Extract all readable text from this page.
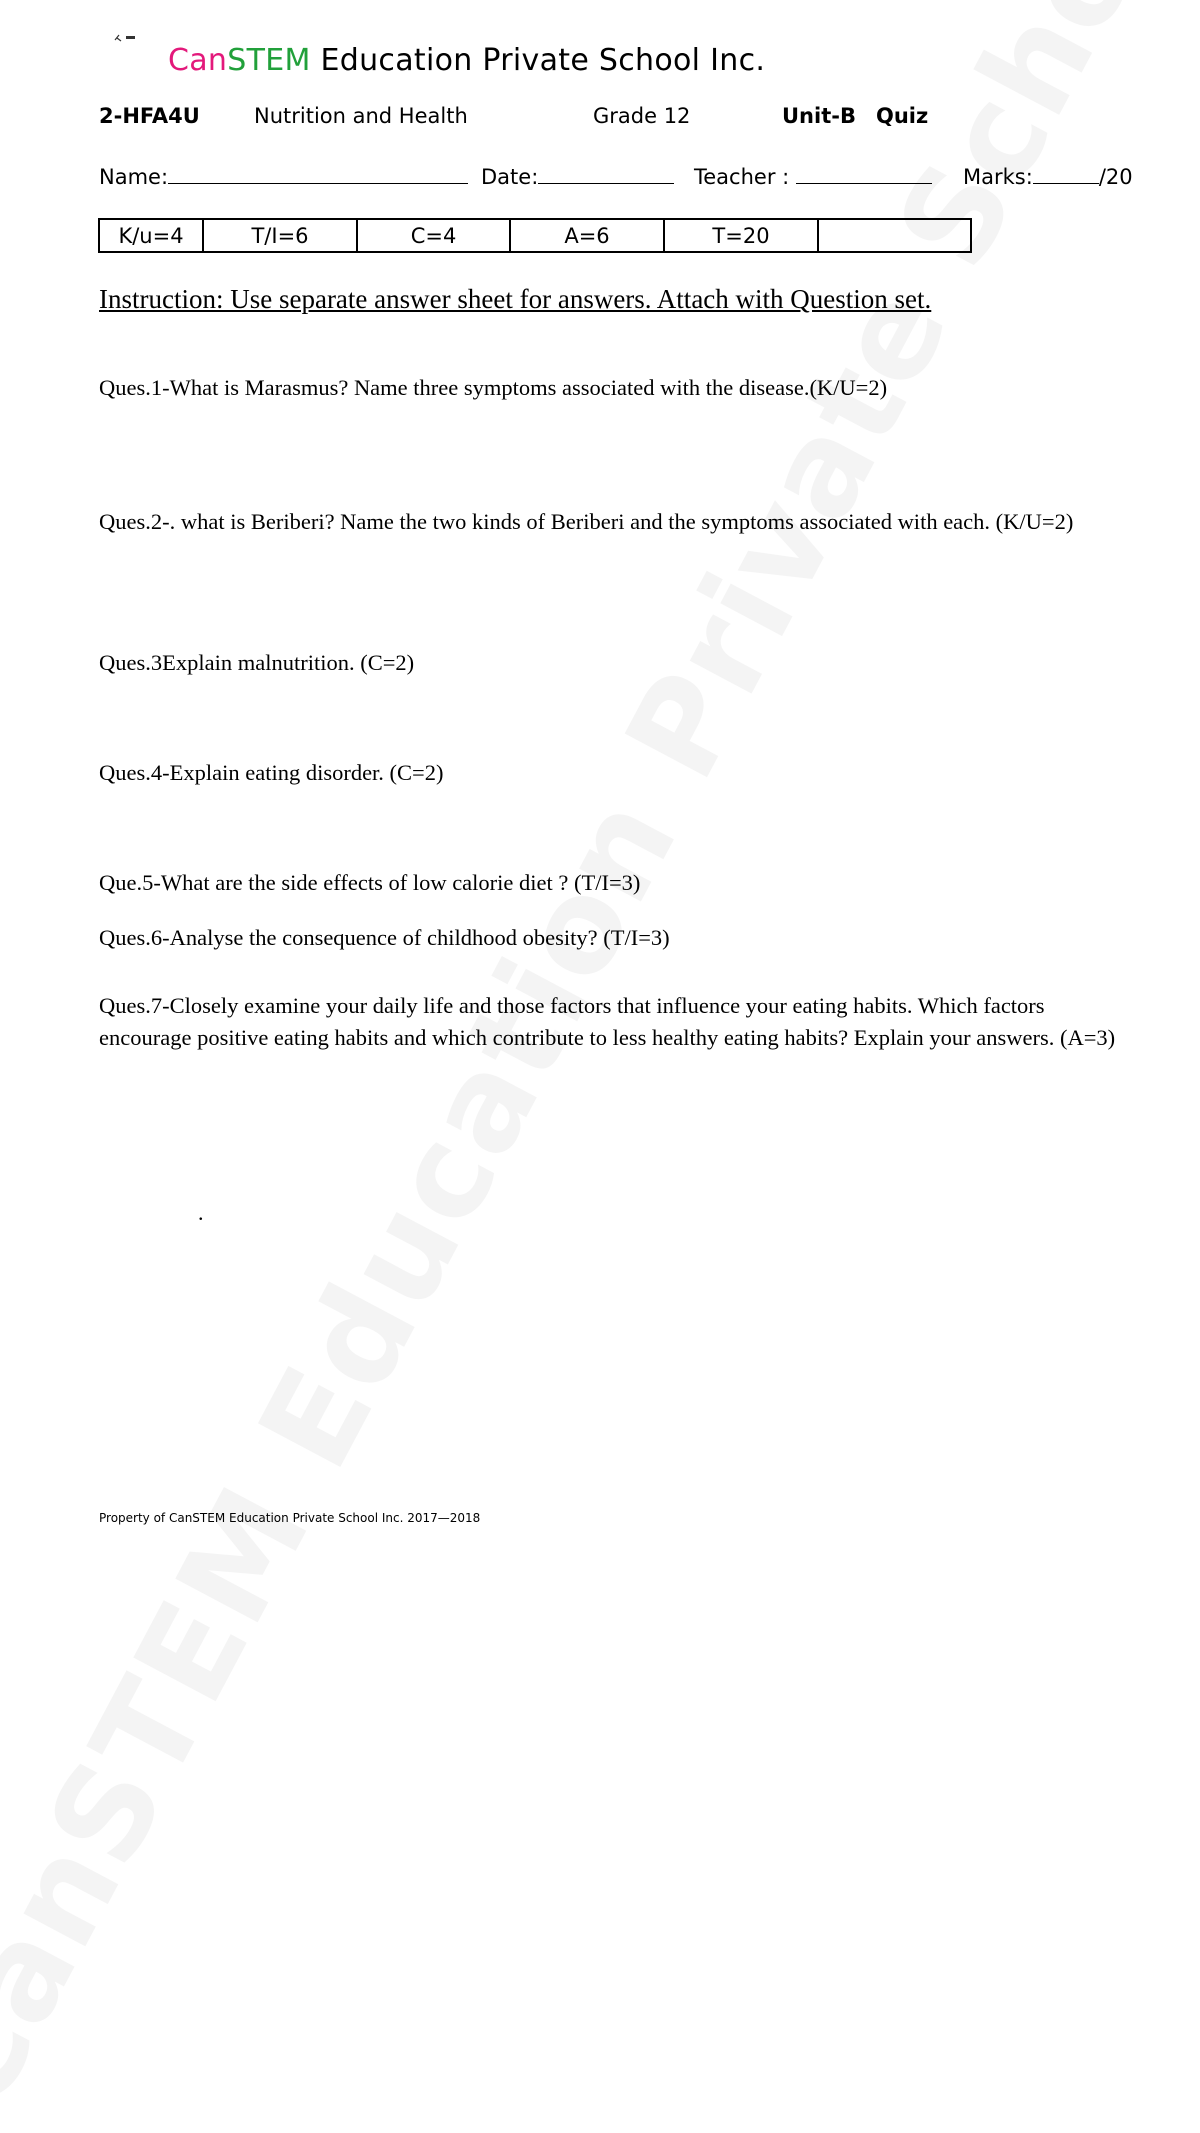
CanSTEM Education Private School Inc.
2-HFA4U	Nutrition and Health	Grade 12	Unit-B Quiz
Name:	Date:	Teacher :	Marks:	/20
K/u=4	T/I=6	C=4	A=6	T=20	
Instruction: Use separate answer sheet for answers. Attach with Question set.
Ques.1-What is Marasmus? Name three symptoms associated with the disease.(K/U=2)
Ques.2-. what is Beriberi? Name the two kinds of Beriberi and the symptoms associated with each. (K/U=2)
Ques.3Explain malnutrition. (C=2)
Ques.4-Explain eating disorder. (C=2)
Que.5-What are the side effects of low calorie diet ? (T/I=3)
Ques.6-Analyse the consequence of childhood obesity? (T/I=3)
Ques.7-Closely examine your daily life and those factors that influence your eating habits. Which factors encourage positive eating habits and which contribute to less healthy eating habits? Explain your answers. (A=3)
.
Property of CanSTEM Education Private School Inc. 2017—2018
